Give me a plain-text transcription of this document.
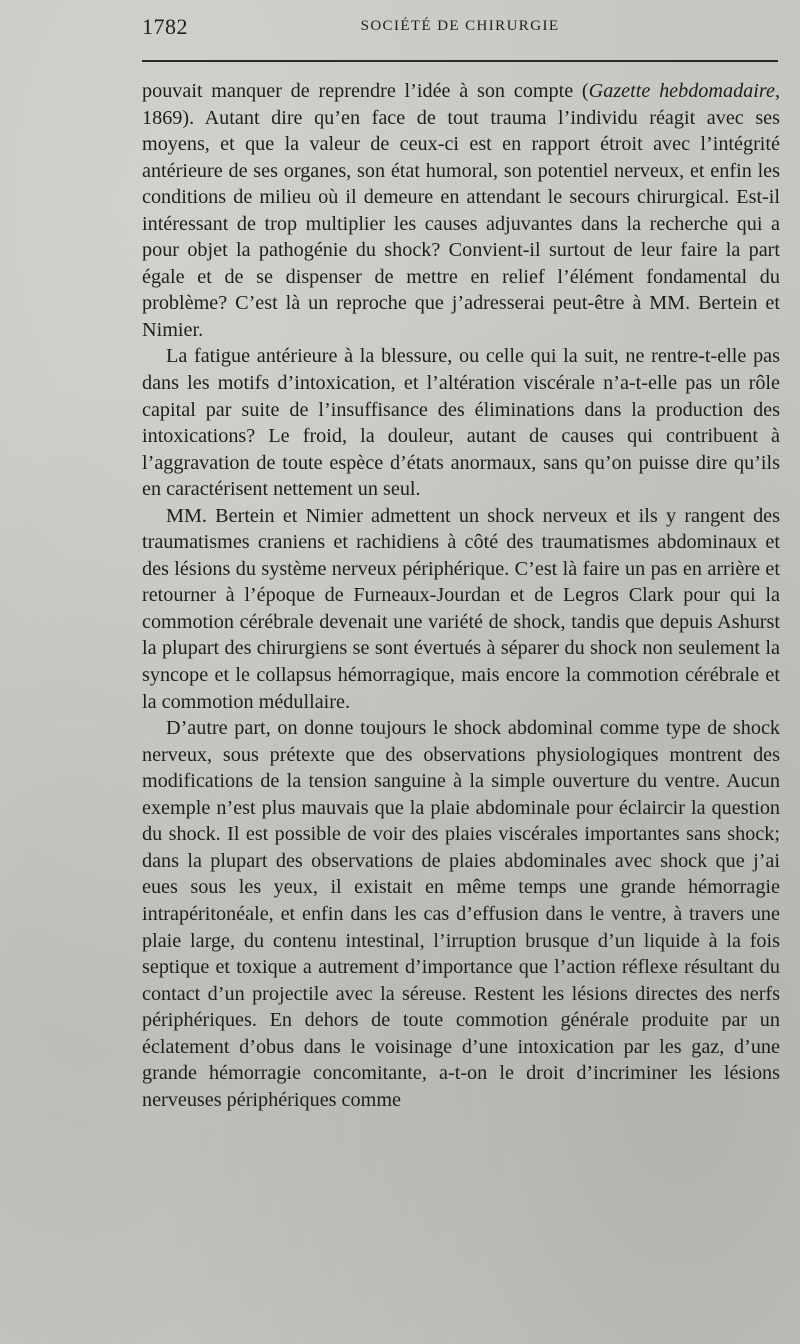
1782	SOCIÉTÉ DE CHIRURGIE

pouvait manquer de reprendre l’idée à son compte (Gazette hebdomadaire, 1869). Autant dire qu’en face de tout trauma l’individu réagit avec ses moyens, et que la valeur de ceux-ci est en rapport étroit avec l’intégrité antérieure de ses organes, son état humoral, son potentiel nerveux, et enfin les conditions de milieu où il demeure en attendant le secours chirurgical. Est-il intéressant de trop multiplier les causes adjuvantes dans la recherche qui a pour objet la pathogénie du shock? Convient-il surtout de leur faire la part égale et de se dispenser de mettre en relief l’élément fondamental du problème? C’est là un reproche que j’adresserai peut-être à MM. Bertein et Nimier.

La fatigue antérieure à la blessure, ou celle qui la suit, ne rentre-t-elle pas dans les motifs d’intoxication, et l’altération viscérale n’a-t-elle pas un rôle capital par suite de l’insuffisance des éliminations dans la production des intoxications? Le froid, la douleur, autant de causes qui contribuent à l’aggravation de toute espèce d’états anormaux, sans qu’on puisse dire qu’ils en caractérisent nettement un seul.

MM. Bertein et Nimier admettent un shock nerveux et ils y rangent des traumatismes craniens et rachidiens à côté des traumatismes abdominaux et des lésions du système nerveux périphérique. C’est là faire un pas en arrière et retourner à l’époque de Furneaux-Jourdan et de Legros Clark pour qui la commotion cérébrale devenait une variété de shock, tandis que depuis Ashurst la plupart des chirurgiens se sont évertués à séparer du shock non seulement la syncope et le collapsus hémorragique, mais encore la commotion cérébrale et la commotion médullaire.

D’autre part, on donne toujours le shock abdominal comme type de shock nerveux, sous prétexte que des observations physiologiques montrent des modifications de la tension sanguine à la simple ouverture du ventre. Aucun exemple n’est plus mauvais que la plaie abdominale pour éclaircir la question du shock. Il est possible de voir des plaies viscérales importantes sans shock; dans la plupart des observations de plaies abdominales avec shock que j’ai eues sous les yeux, il existait en même temps une grande hémorragie intrapéritonéale, et enfin dans les cas d’effusion dans le ventre, à travers une plaie large, du contenu intestinal, l’irruption brusque d’un liquide à la fois septique et toxique a autrement d’importance que l’action réflexe résultant du contact d’un projectile avec la séreuse. Restent les lésions directes des nerfs périphériques. En dehors de toute commotion générale produite par un éclatement d’obus dans le voisinage d’une intoxication par les gaz, d’une grande hémorragie concomitante, a-t-on le droit d’incriminer les lésions nerveuses périphériques comme
